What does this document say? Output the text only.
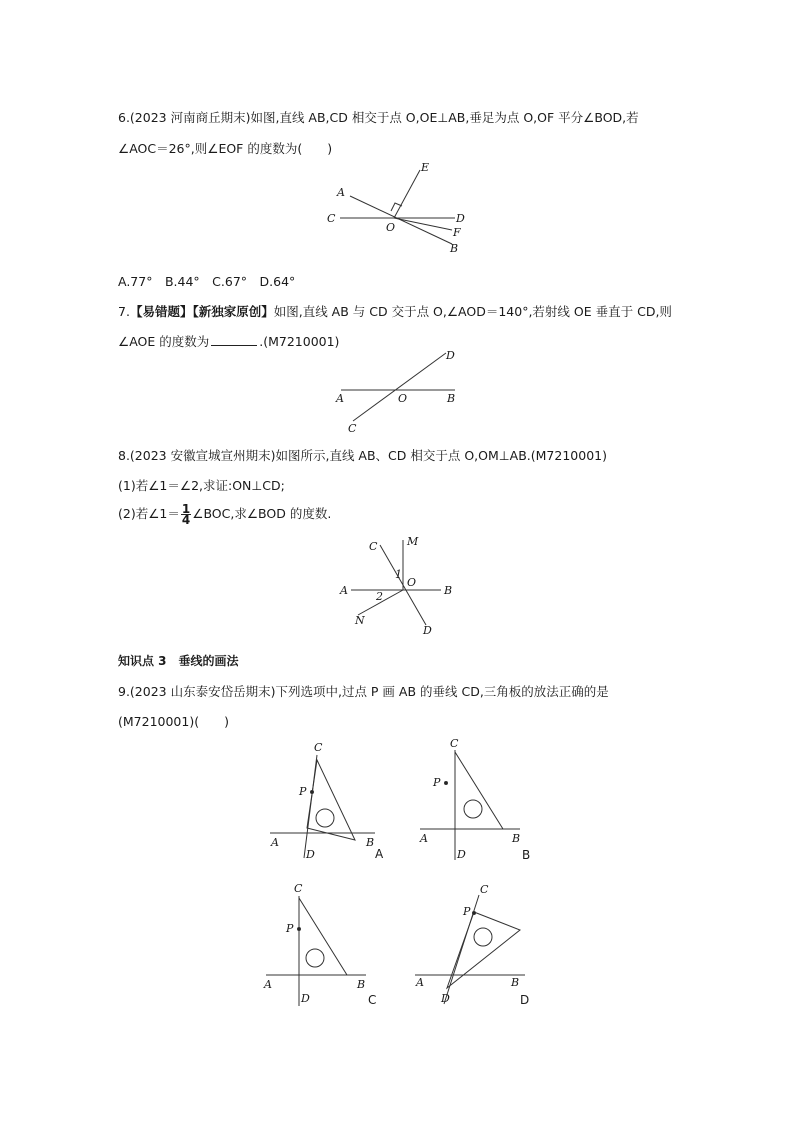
6.(2023 河南商丘期末)如图,直线 AB,CD 相交于点 O,OE⊥AB,垂足为点 O,OF 平分∠BOD,若
∠AOC＝26°,则∠EOF 的度数为(　　)
A
C
E
D
O	F
B
A.77°　B.44°　C.67°　D.64°
7.【易错题】【新独家原创】如图,直线 AB 与 CD 交于点 O,∠AOD＝140°,若射线 OE 垂直于 CD,则
∠AOE 的度数为	.(M7210001)
A	O	B
C
D
8.(2023 安徽宣城宣州期末)如图所示,直线 AB、CD 相交于点 O,OM⊥AB.(M7210001)
(1)若∠1＝∠2,求证:ON⊥CD;
(2)若∠1＝ $\frac{1}{4}$ ∠BOC,求∠BOD 的度数.
C	M
1
O
A	2	B
N
D
知识点 3　垂线的画法
9.(2023 山东泰安岱岳期末)下列选项中,过点 P 画 AB 的垂线 CD,三角板的放法正确的是
(M7210001)(　　)
C
P
A
D
B
A
C
P
A
D
B
B
C
P
A
D
B
C
C
P
A
D
B
D
